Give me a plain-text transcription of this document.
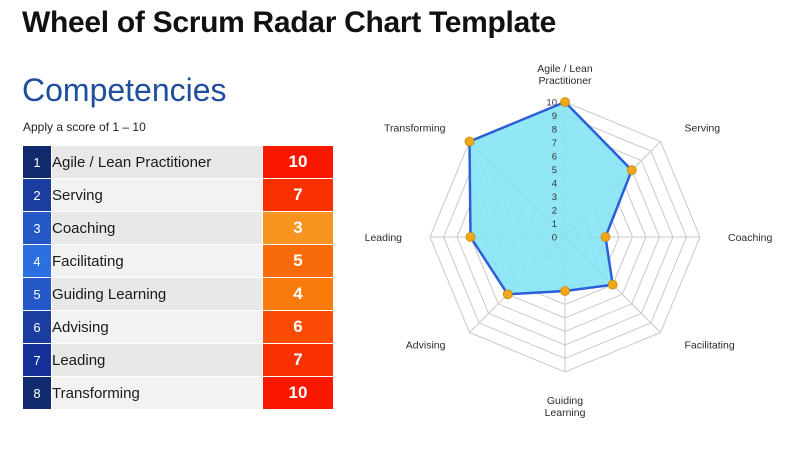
Wheel of Scrum Radar Chart Template
Competencies
Apply a score of 1 – 10
1	Agile / Lean Practitioner	10
2	Serving	7
3	Coaching	3
4	Facilitating	5
5	Guiding Learning	4
6	Advising	6
7	Leading	7
8	Transforming	10
0
1
2
3
4
5
6
7
8
9
10
Agile / Lean Practitioner
Serving
Coaching
Facilitating
Guiding Learning
Advising
Leading
Transforming
